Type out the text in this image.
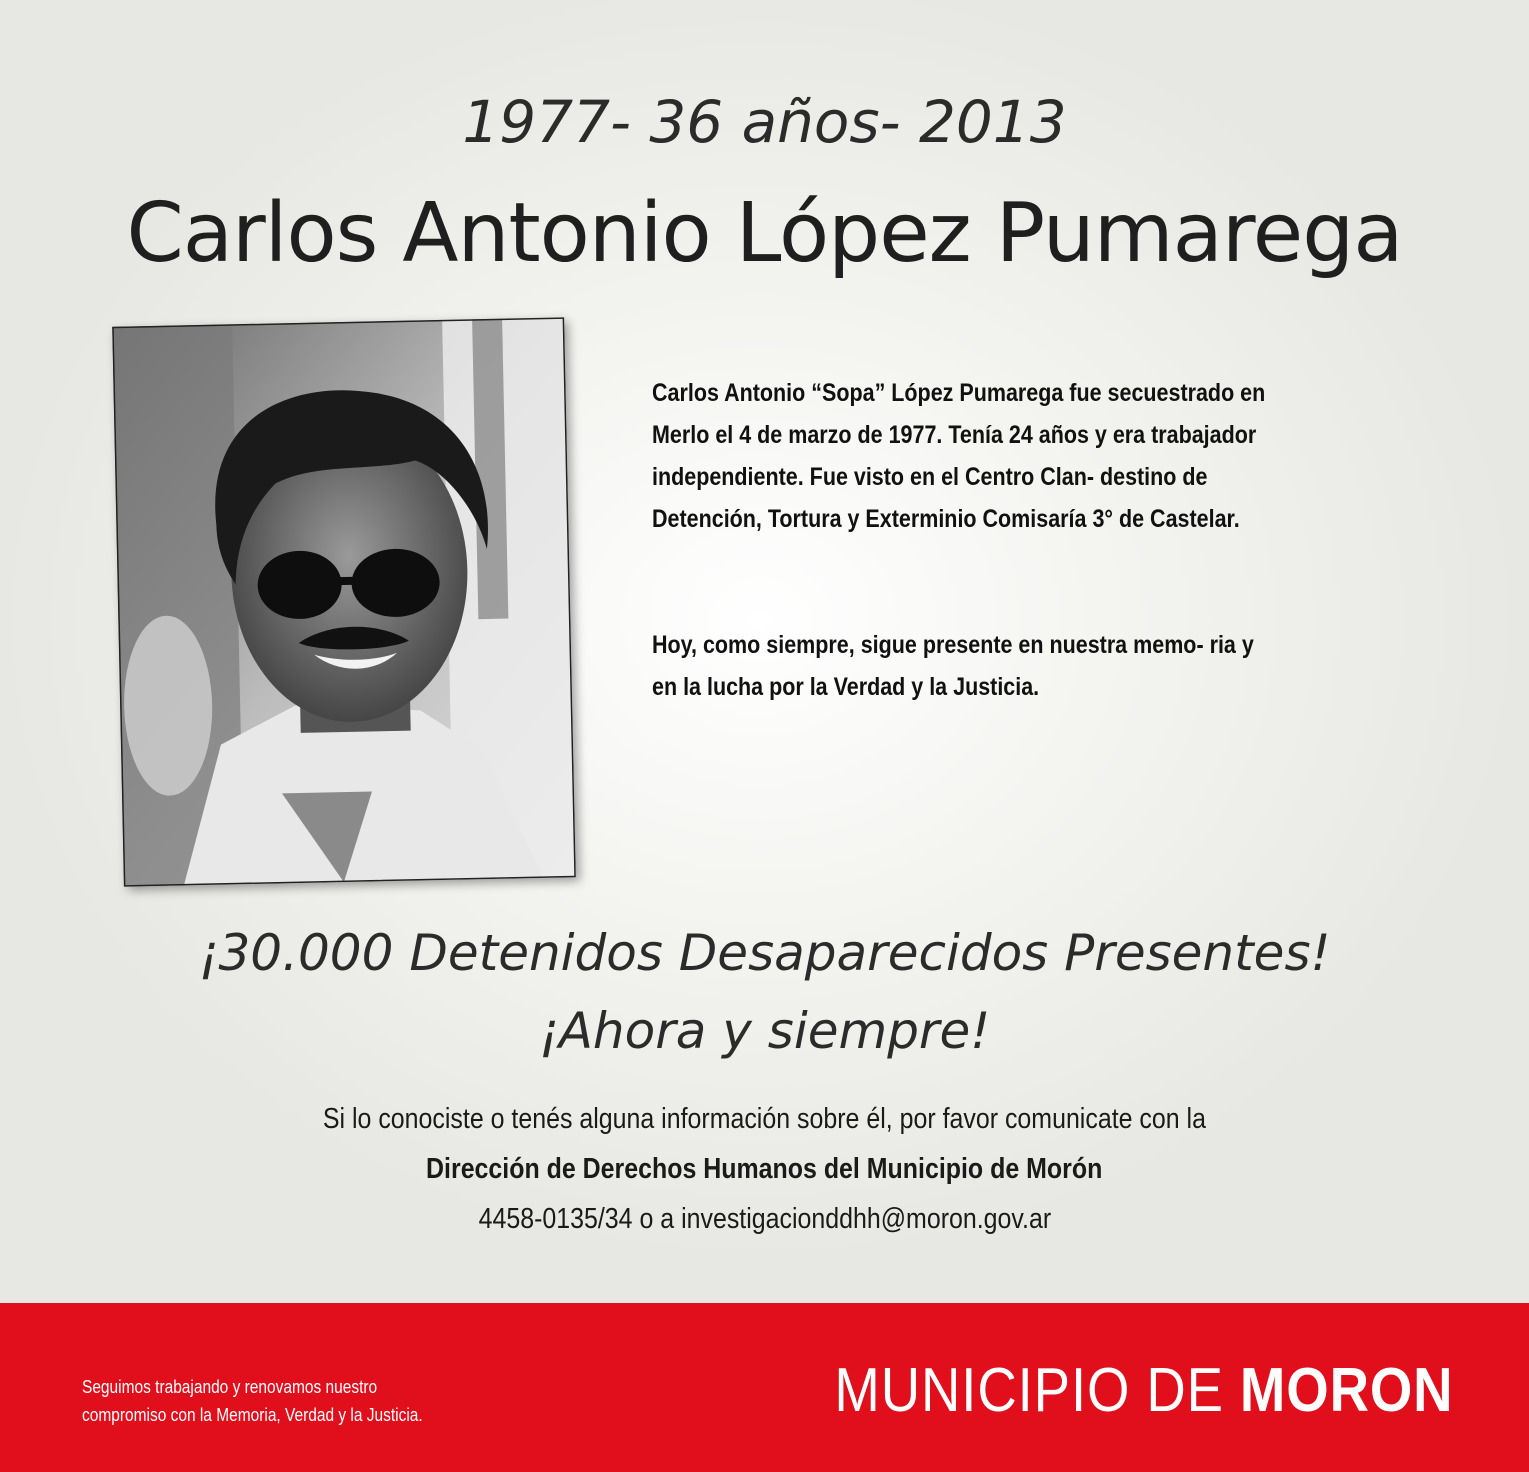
1977- 36 años- 2013
Carlos Antonio López Pumarega

Carlos Antonio “Sopa” López Pumarega fue secuestrado en Merlo el 4 de marzo de 1977. Tenía 24 años y era trabajador independiente. Fue visto en el Centro Clan- destino de Detención, Tortura y Exterminio Comisaría 3° de Castelar.

Hoy, como siempre, sigue presente en nuestra memo- ria y en la lucha por la Verdad y la Justicia.

¡30.000 Detenidos Desaparecidos Presentes!
¡Ahora y siempre!
Si lo conociste o tenés alguna información sobre él, por favor comunicate con la
Dirección de Derechos Humanos del Municipio de Morón
4458-0135/34 o a investigacionddhh@moron.gov.ar
Seguimos trabajando y renovamos nuestro
compromiso con la Memoria, Verdad y la Justicia.	MUNICIPIO DE MORON
